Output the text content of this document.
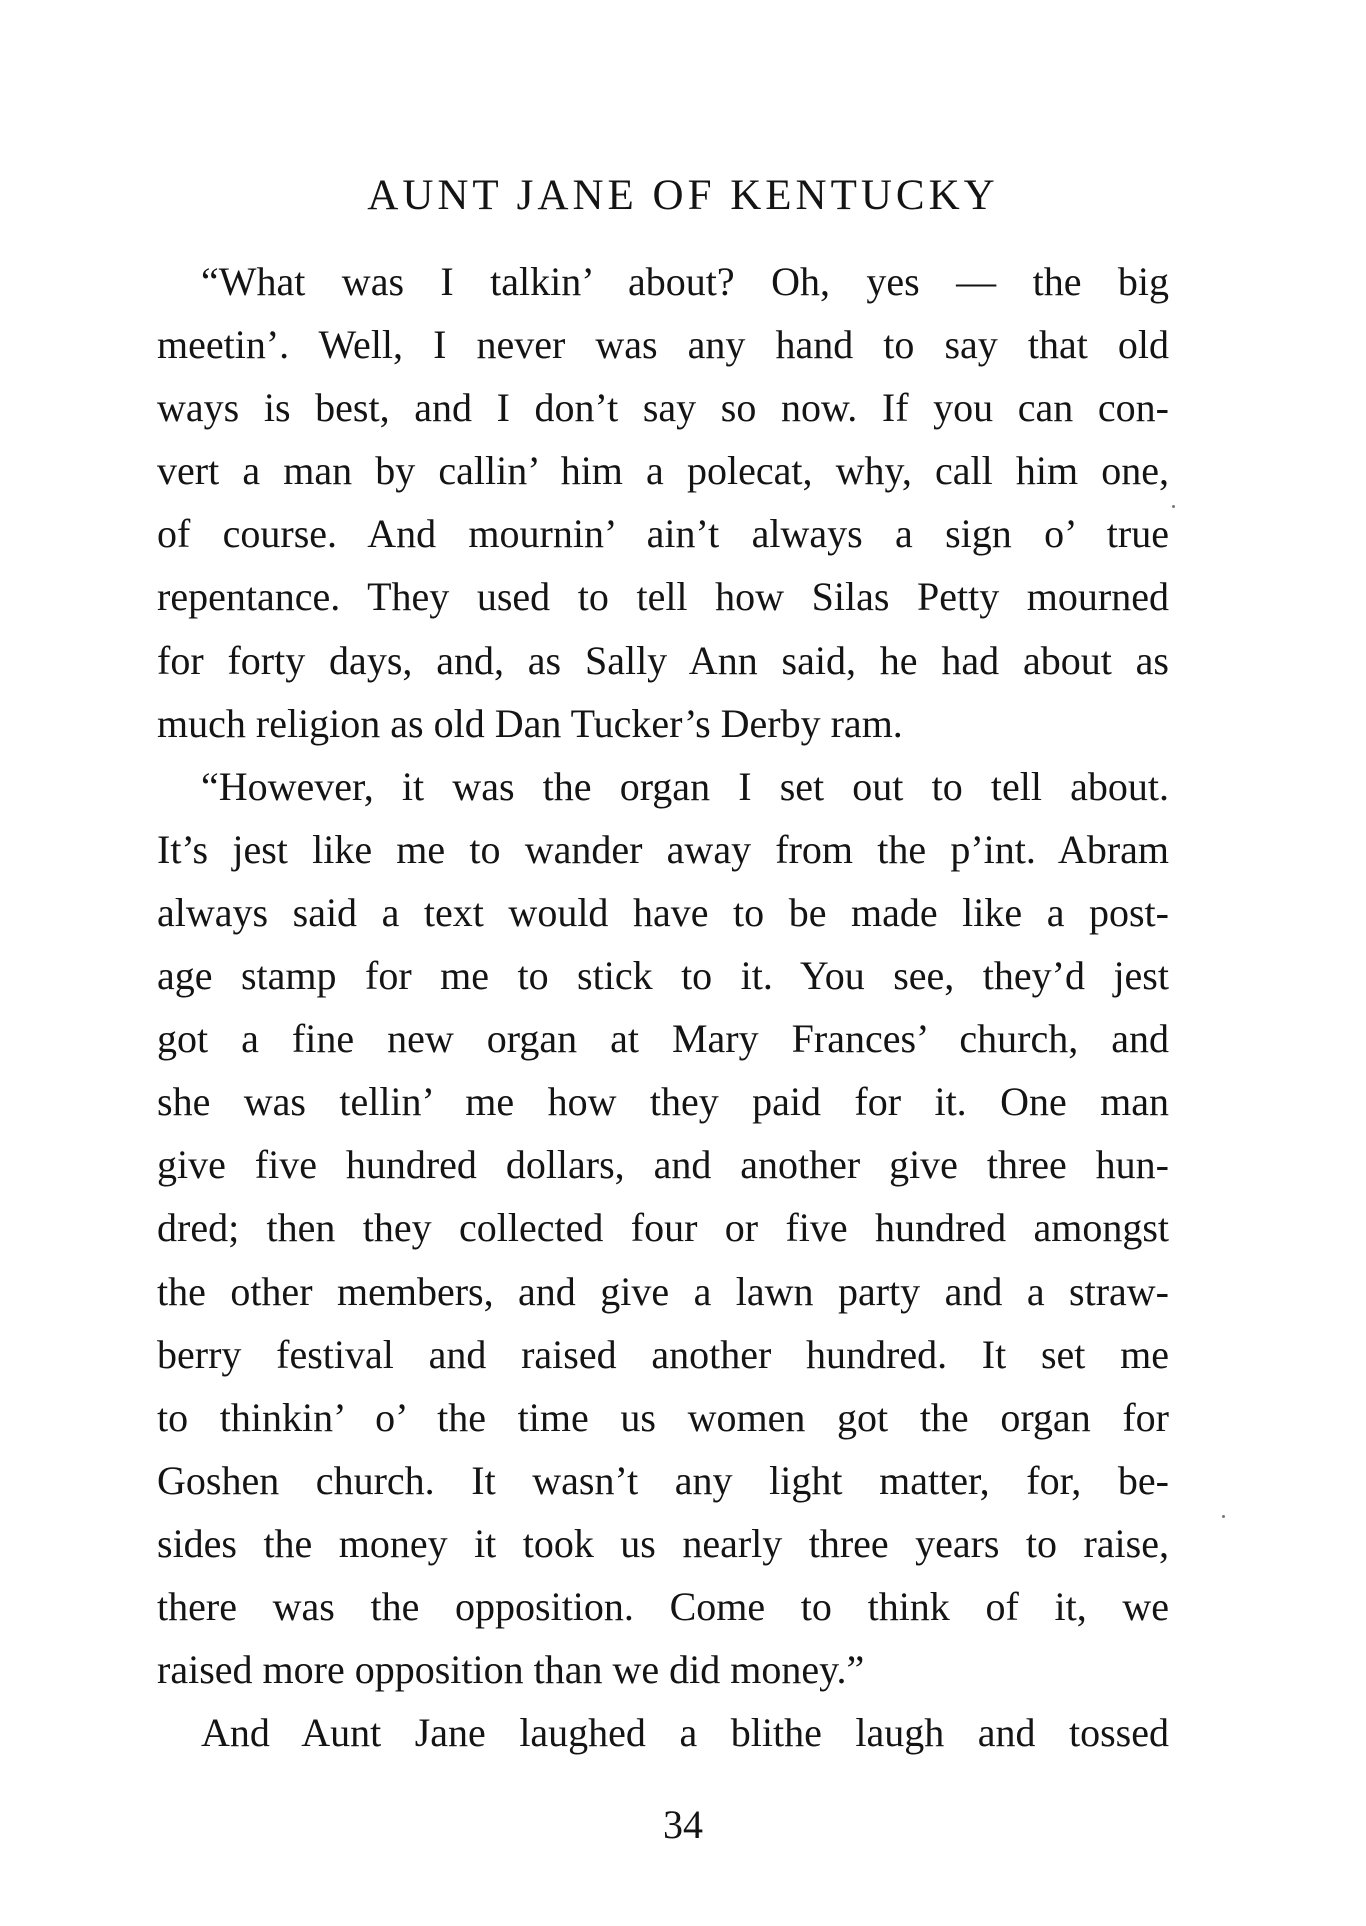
AUNT JANE OF KENTUCKY
“What was I talkin’ about? Oh, yes — the big
meetin’. Well, I never was any hand to say that old
ways is best, and I don’t say so now. If you can con-
vert a man by callin’ him a polecat, why, call him one,
of course. And mournin’ ain’t always a sign o’ true
repentance. They used to tell how Silas Petty mourned
for forty days, and, as Sally Ann said, he had about as
much religion as old Dan Tucker’s Derby ram.
“However, it was the organ I set out to tell about.
It’s jest like me to wander away from the p’int. Abram
always said a text would have to be made like a post-
age stamp for me to stick to it. You see, they’d jest
got a fine new organ at Mary Frances’ church, and
she was tellin’ me how they paid for it. One man
give five hundred dollars, and another give three hun-
dred; then they collected four or five hundred amongst
the other members, and give a lawn party and a straw-
berry festival and raised another hundred. It set me
to thinkin’ o’ the time us women got the organ for
Goshen church. It wasn’t any light matter, for, be-
sides the money it took us nearly three years to raise,
there was the opposition. Come to think of it, we
raised more opposition than we did money.”
And Aunt Jane laughed a blithe laugh and tossed
34
